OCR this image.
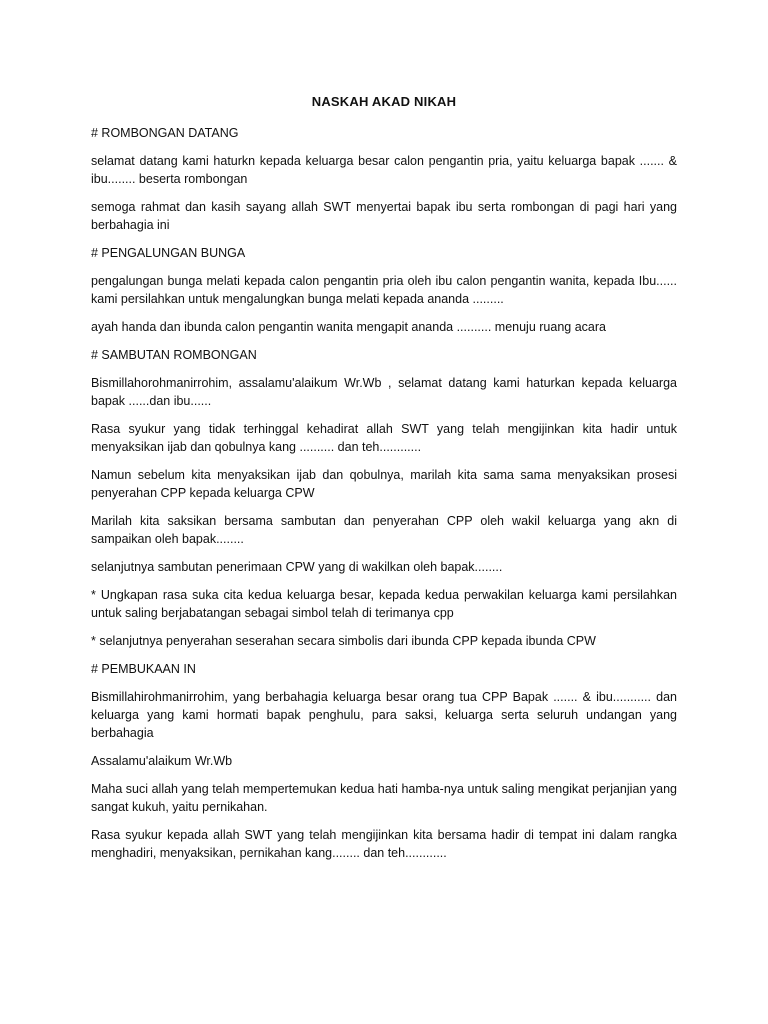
NASKAH AKAD NIKAH

# ROMBONGAN DATANG

selamat datang kami haturkn kepada keluarga besar calon pengantin pria, yaitu keluarga bapak ....... & ibu........ beserta rombongan

semoga rahmat dan kasih sayang allah SWT menyertai bapak ibu serta rombongan di pagi hari yang berbahagia ini

# PENGALUNGAN BUNGA

pengalungan bunga melati kepada calon pengantin pria oleh ibu calon pengantin wanita, kepada Ibu...... kami persilahkan untuk mengalungkan bunga melati kepada ananda .........

ayah handa dan ibunda calon pengantin wanita mengapit ananda .......... menuju ruang acara

# SAMBUTAN ROMBONGAN

Bismillahorohmanirrohim, assalamu'alaikum Wr.Wb , selamat datang kami haturkan kepada keluarga bapak ......dan ibu......

Rasa syukur yang tidak terhinggal kehadirat allah SWT yang telah mengijinkan kita hadir untuk menyaksikan ijab dan qobulnya kang .......... dan teh............

Namun sebelum kita menyaksikan ijab dan qobulnya, marilah kita sama sama menyaksikan prosesi penyerahan CPP kepada keluarga CPW

Marilah kita saksikan bersama sambutan dan penyerahan CPP oleh wakil keluarga yang akn di sampaikan oleh bapak........

selanjutnya sambutan penerimaan CPW yang di wakilkan oleh bapak........

* Ungkapan rasa suka cita kedua keluarga besar, kepada kedua perwakilan keluarga kami persilahkan untuk saling berjabatangan sebagai simbol telah di terimanya cpp

* selanjutnya penyerahan seserahan secara simbolis dari ibunda CPP kepada ibunda CPW

# PEMBUKAAN IN

Bismillahirohmanirrohim, yang berbahagia keluarga besar orang tua CPP Bapak ....... & ibu........... dan keluarga yang kami hormati bapak penghulu, para saksi, keluarga serta seluruh undangan yang berbahagia

Assalamu'alaikum Wr.Wb

Maha suci allah yang telah mempertemukan kedua hati hamba-nya untuk saling mengikat perjanjian yang sangat kukuh, yaitu pernikahan.

Rasa syukur kepada allah SWT yang telah mengijinkan kita bersama hadir di tempat ini dalam rangka menghadiri, menyaksikan, pernikahan kang........ dan teh............
